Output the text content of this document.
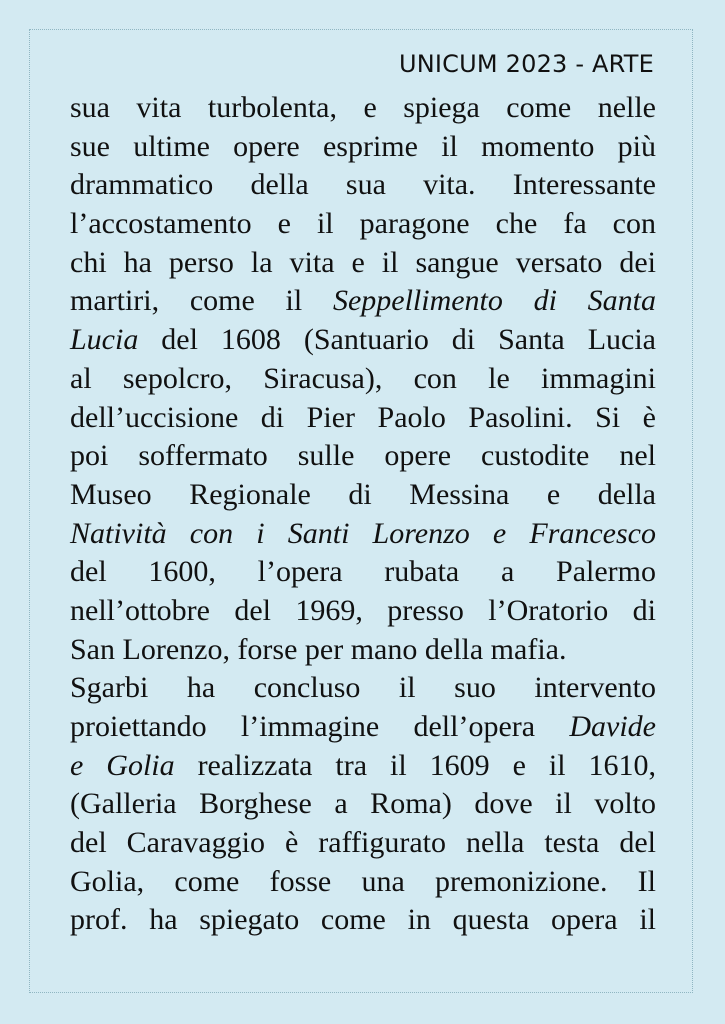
UNICUM 2023 - ARTE
sua vita turbolenta, e spiega come nelle
sue ultime opere esprime il momento più
drammatico della sua vita. Interessante
l’accostamento e il paragone che fa con
chi ha perso la vita e il sangue versato dei
martiri, come il Seppellimento di Santa
Lucia del 1608 (Santuario di Santa Lucia
al sepolcro, Siracusa), con le immagini
dell’uccisione di Pier Paolo Pasolini. Si è
poi soffermato sulle opere custodite nel
Museo Regionale di Messina e della
Natività con i Santi Lorenzo e Francesco
del 1600, l’opera rubata a Palermo
nell’ottobre del 1969, presso l’Oratorio di
San Lorenzo, forse per mano della mafia.
Sgarbi ha concluso il suo intervento
proiettando l’immagine dell’opera Davide
e Golia realizzata tra il 1609 e il 1610,
(Galleria Borghese a Roma) dove il volto
del Caravaggio è raffigurato nella testa del
Golia, come fosse una premonizione. Il
prof. ha spiegato come in questa opera il
